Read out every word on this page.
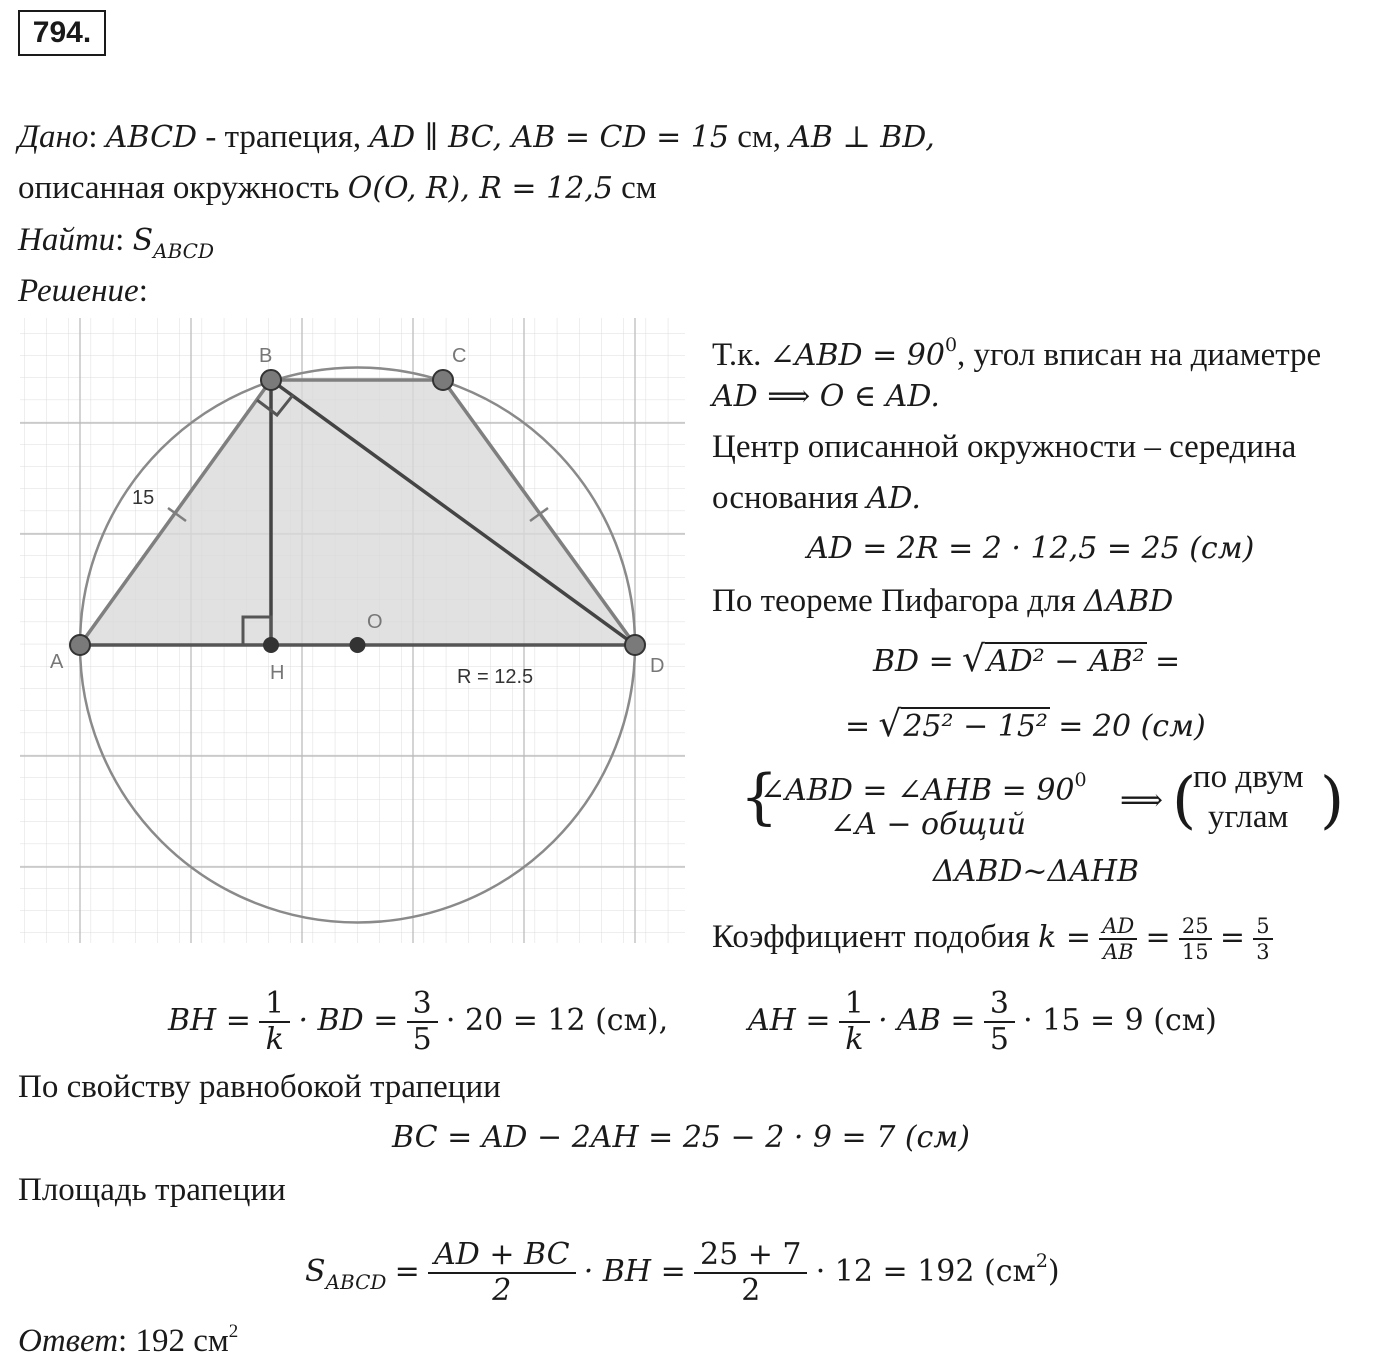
794.
Дано: ABCD - трапеция, AD ∥ BC, AB = CD = 15 см, AB ⊥ BD,
описанная окружность 𝑂(O, R), R = 12,5 см
Найти: $S_{ABCD}$
Решение:
A
B	C
D
H
O
15
R = 12.5
Т.к. ∠ABD = $90^0$, угол вписан на диаметре
AD ⟹ O ∈ AD.
Центр описанной окружности – середина
основания AD.
AD = 2R = 2 · 12,5 = 25 (см)
По теореме Пифагора для ΔABD
BD = √AD² − AB² =
= √25² − 15² = 20 (см)
{
∠ABD = ∠AHB = $90^0$
∠A − общий
⟹ ( )
по двум
углам
ΔABD~ΔAHB
Коэффициент подобия $k = \frac{AD}{AB} = \frac{25}{15} = \frac{5}{3}$
BH = $\frac{1}{k}$ · BD = $\frac{3}{5} \cdot 20 = 12$ (см),	AH = $\frac{1}{k}$ · AB = $\frac{3}{5} \cdot 15 = 9$ (см)
По свойству равнобокой трапеции
BC = AD − 2AH = 25 − 2 · 9 = 7 (см)
Площадь трапеции
$S_{ABCD} = \frac{AD + BC}{2}$ · BH = $\frac{25 + 7}{2} \cdot 12 = 192$ $(см^2)$
Ответ: 192 $см^2$
